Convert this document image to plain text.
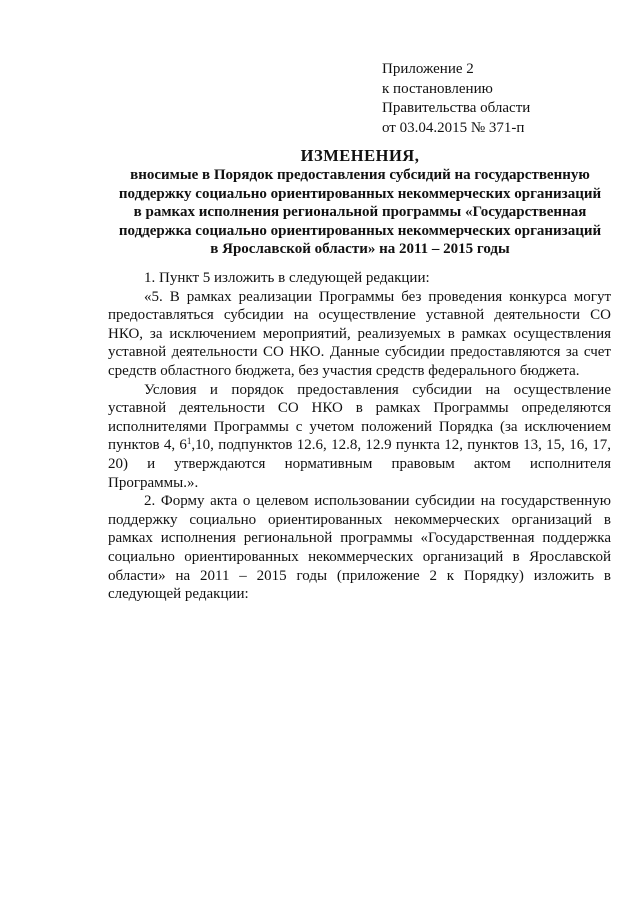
Приложение 2
к постановлению
Правительства области
от 03.04.2015 № 371-п
ИЗМЕНЕНИЯ,
вносимые в Порядок предоставления субсидий на государственную
поддержку социально ориентированных некоммерческих организаций
в рамках исполнения региональной программы «Государственная
поддержка социально ориентированных некоммерческих организаций
в Ярославской области» на 2011 – 2015 годы

1. Пункт 5 изложить в следующей редакции:

«5. В рамках реализации Программы без проведения конкурса могут предоставляться субсидии на осуществление уставной деятельности СО НКО, за исключением мероприятий, реализуемых в рамках осуществления уставной деятельности СО НКО. Данные субсидии предоставляются за счет средств областного бюджета, без участия средств федерального бюджета.

Условия и порядок предоставления субсидии на осуществление уставной деятельности СО НКО в рамках Программы определяются исполнителями Программы с учетом положений Порядка (за исключением пунктов 4, $6^1,10$, подпунктов 12.6, 12.8, 12.9 пункта 12, пунктов 13, 15, 16, 17, 20) и утверждаются нормативным правовым актом исполнителя Программы.».

2. Форму акта о целевом использовании субсидии на государственную поддержку социально ориентированных некоммерческих организаций в рамках исполнения региональной программы «Государственная поддержка социально ориентированных некоммерческих организаций в Ярославской области» на 2011 – 2015 годы (приложение 2 к Порядку) изложить в следующей редакции:
